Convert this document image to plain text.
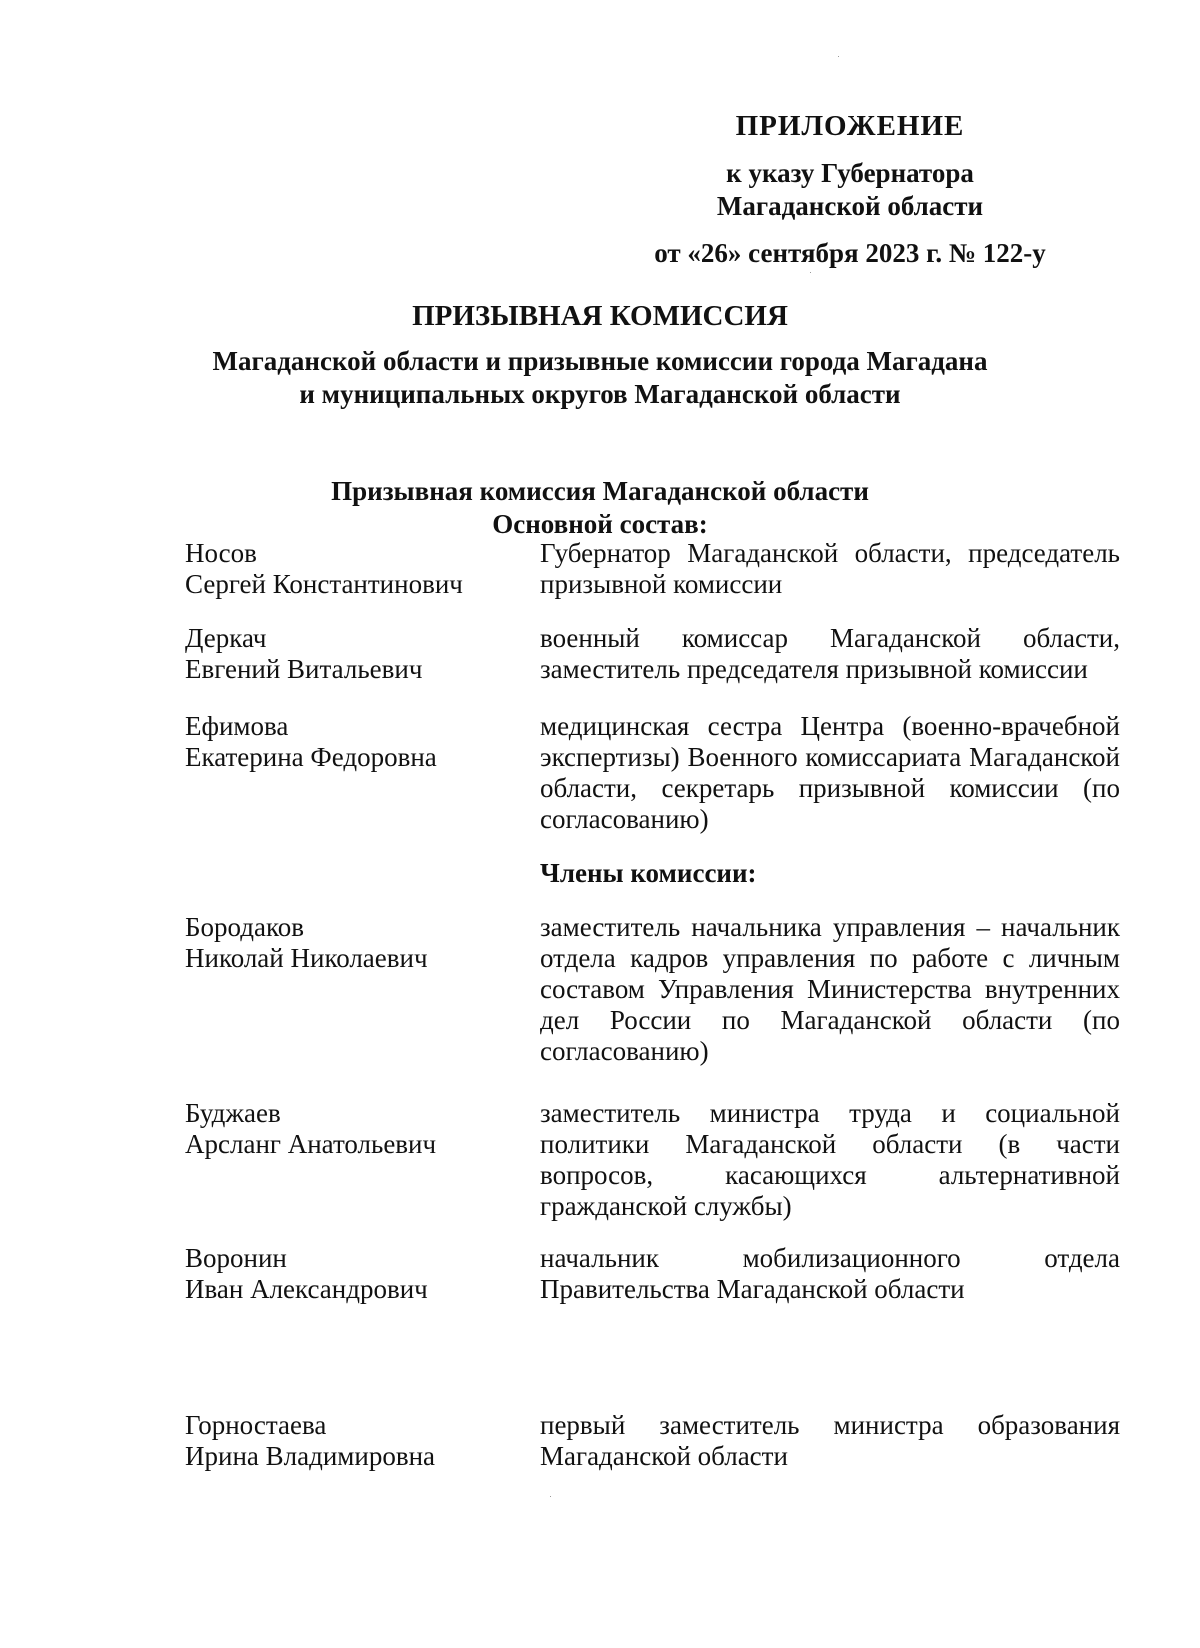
ПРИЛОЖЕНИЕ
к указу Губернатора
Магаданской области
от «26» сентября 2023 г. № 122-у
ПРИЗЫВНАЯ КОМИССИЯ
Магаданской области и призывные комиссии города Магадана
и муниципальных округов Магаданской области
Призывная комиссия Магаданской области
Основной состав:
Носов
Сергей Константинович
Губернатор Магаданской области, председатель призывной комиссии
Деркач
Евгений Витальевич
военный комиссар Магаданской области, заместитель председателя призывной комиссии
Ефимова
Екатерина Федоровна
медицинская сестра Центра (военно-врачебной экспертизы) Военного комиссариата Магаданской области, секретарь призывной комиссии (по согласованию)
Члены комиссии:
Бородаков
Николай Николаевич
заместитель начальника управления – начальник отдела кадров управления по работе с личным составом Управления Министерства внутренних дел России по Магаданской области (по согласованию)
Буджаев
Арсланг Анатольевич
заместитель министра труда и социальной политики Магаданской области (в части вопросов, касающихся альтернативной гражданской службы)
Воронин
Иван Александрович
начальник мобилизационного отдела Правительства Магаданской области
Горностаева
Ирина Владимировна
первый заместитель министра образования Магаданской области
